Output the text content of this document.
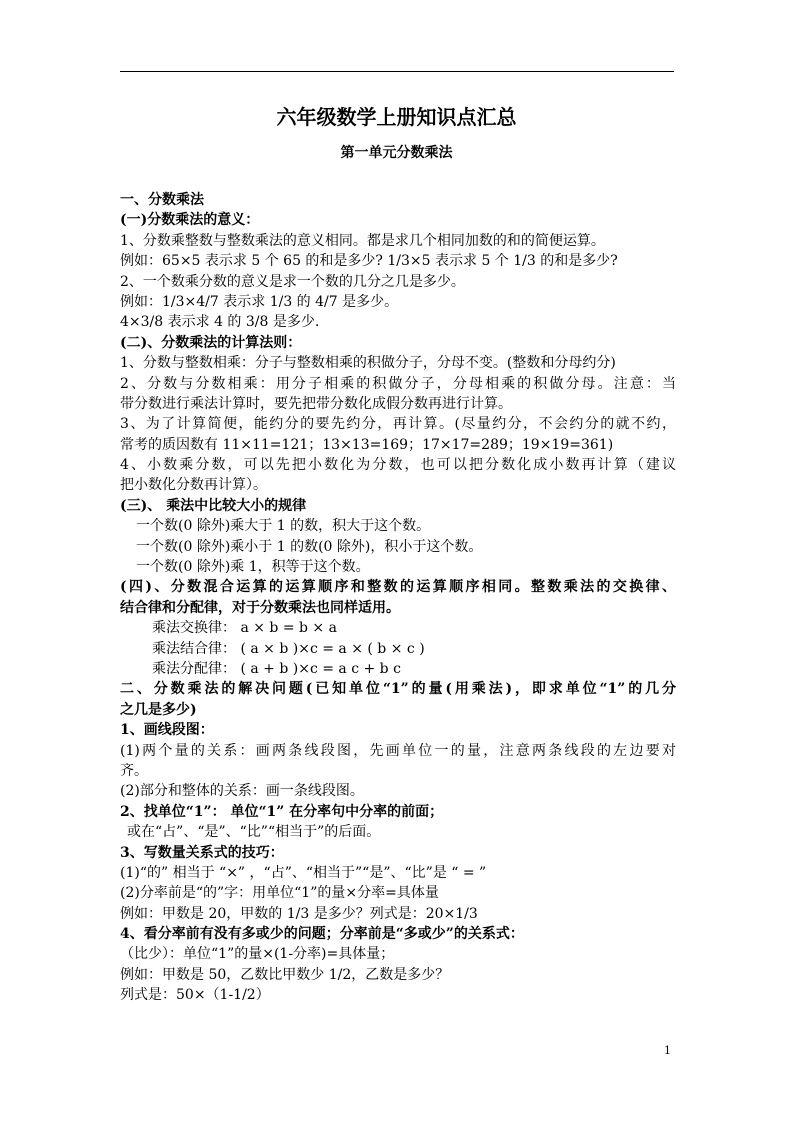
六年级数学上册知识点汇总
第一单元分数乘法
一、分数乘法
(一)分数乘法的意义：
1、分数乘整数与整数乘法的意义相同。都是求几个相同加数的和的简便运算。
例如：65×5 表示求 5 个 65 的和是多少? 1/3×5 表示求 5 个 1/3 的和是多少?
2、一个数乘分数的意义是求一个数的几分之几是多少。
例如：1/3×4/7 表示求 1/3 的 4/7 是多少。
4×3/8 表示求 4 的 3/8 是多少.
(二)、分数乘法的计算法则：
1、分数与整数相乘：分子与整数相乘的积做分子，分母不变。(整数和分母约分)
2、分数与分数相乘：用分子相乘的积做分子，分母相乘的积做分母。注意：当
带分数进行乘法计算时，要先把带分数化成假分数再进行计算。
3、为了计算简便，能约分的要先约分，再计算。(尽量约分，不会约分的就不约，
常考的质因数有 11×11=121；13×13=169；17×17=289；19×19=361)
4、小数乘分数，可以先把小数化为分数，也可以把分数化成小数再计算（建议
把小数化分数再计算）。
(三)、 乘法中比较大小的规律
一个数(0 除外)乘大于 1 的数，积大于这个数。
一个数(0 除外)乘小于 1 的数(0 除外)，积小于这个数。
一个数(0 除外)乘 1，积等于这个数。
(四)、分数混合运算的运算顺序和整数的运算顺序相同。整数乘法的交换律、
结合律和分配律，对于分数乘法也同样适用。
乘法交换律： a × b = b × a
乘法结合律： ( a × b )×c = a × ( b × c )
乘法分配律： ( a + b )×c = a c + b c
二、分数乘法的解决问题(已知单位“1”的量(用乘法)，即求单位“1”的几分
之几是多少)
1、画线段图：
(1)两个量的关系：画两条线段图，先画单位一的量，注意两条线段的左边要对
齐。
(2)部分和整体的关系：画一条线段图。
2、找单位“1”： 单位“1” 在分率句中分率的前面；
或在“占”、“是”、“比”“相当于”的后面。
3、写数量关系式的技巧：
(1)“的” 相当于 “×” ，“占”、“相当于”“是”、“比”是 “ = ”
(2)分率前是“的”字：用单位“1”的量×分率=具体量
例如：甲数是 20，甲数的 1/3 是多少？列式是：20×1/3
4、看分率前有没有多或少的问题；分率前是“多或少”的关系式：
（比少）：单位“1”的量×(1-分率)=具体量；
例如：甲数是 50，乙数比甲数少 1/2，乙数是多少？
列式是：50×（1-1/2）
1
